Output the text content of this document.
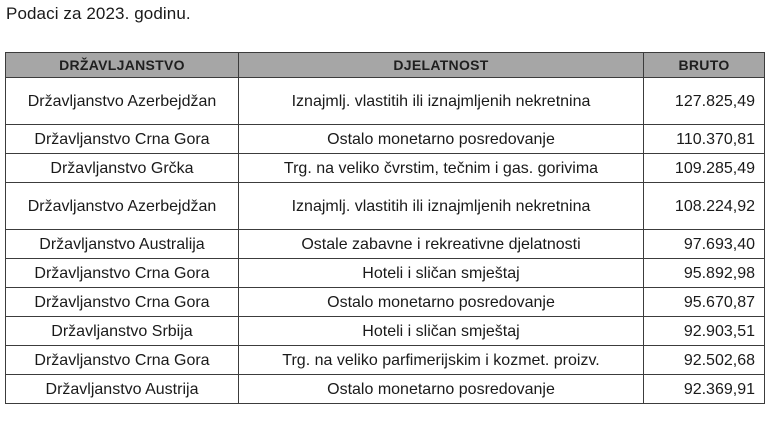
Podaci za 2023. godinu.
DRŽAVLJANSTVO	DJELATNOST	BRUTO
Državljanstvo Azerbejdžan	Iznajmlj. vlastitih ili iznajmljenih nekretnina	127.825,49
Državljanstvo Crna Gora	Ostalo monetarno posredovanje	110.370,81
Državljanstvo Grčka	Trg. na veliko čvrstim, tečnim i gas. gorivima	109.285,49
Državljanstvo Azerbejdžan	Iznajmlj. vlastitih ili iznajmljenih nekretnina	108.224,92
Državljanstvo Australija	Ostale zabavne i rekreativne djelatnosti	97.693,40
Državljanstvo Crna Gora	Hoteli i sličan smještaj	95.892,98
Državljanstvo Crna Gora	Ostalo monetarno posredovanje	95.670,87
Državljanstvo Srbija	Hoteli i sličan smještaj	92.903,51
Državljanstvo Crna Gora	Trg. na veliko parfimerijskim i kozmet. proizv.	92.502,68
Državljanstvo Austrija	Ostalo monetarno posredovanje	92.369,91
